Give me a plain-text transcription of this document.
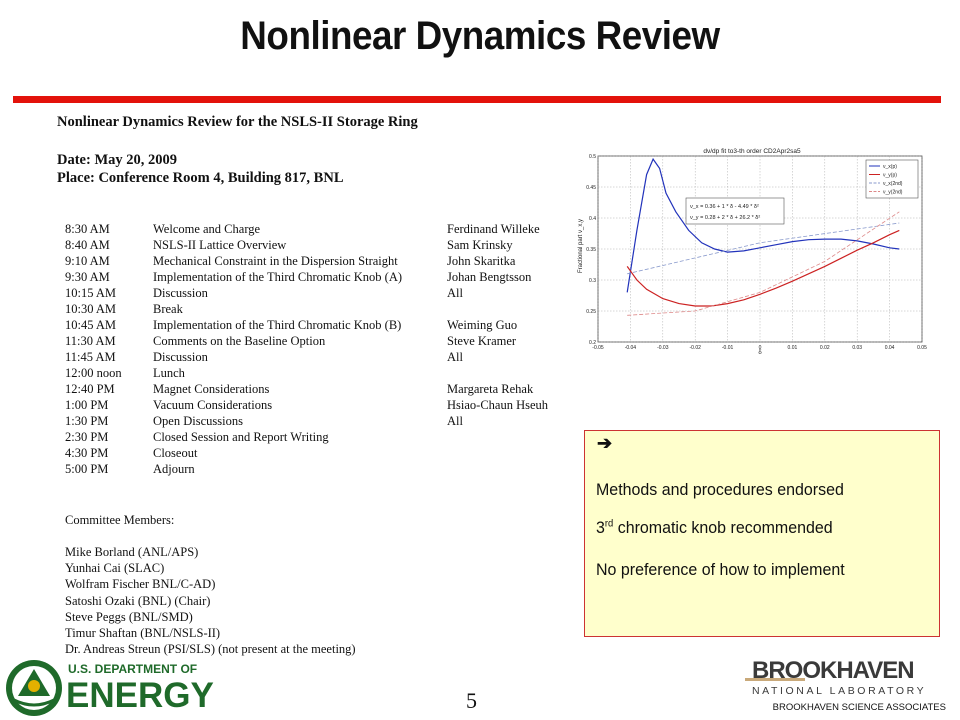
Nonlinear Dynamics Review
Nonlinear Dynamics Review for the NSLS-II Storage Ring
Date: May 20, 2009
Place: Conference Room 4, Building 817, BNL
8:30 AM	Welcome and Charge	Ferdinand Willeke
8:40 AM	NSLS-II Lattice Overview	Sam Krinsky
9:10 AM	Mechanical Constraint in the Dispersion Straight	John Skaritka
9:30 AM	Implementation of the Third Chromatic Knob (A)	Johan Bengtsson
10:15 AM	Discussion	All
10:30 AM	Break
10:45 AM	Implementation of the Third Chromatic Knob (B)	Weiming Guo
11:30 AM	Comments on the Baseline Option	Steve Kramer
11:45 AM	Discussion	All
12:00 noon	Lunch
12:40 PM	Magnet Considerations	Margareta Rehak
1:00 PM	Vacuum Considerations	Hsiao-Chaun Hseuh
1:30 PM	Open Discussions	All
2:30 PM	Closed Session and Report Writing
4:30 PM	Closeout
5:00 PM	Adjourn
Committee Members:
Mike Borland (ANL/APS)
Yunhai Cai (SLAC)
Wolfram Fischer BNL/C-AD)
Satoshi Ozaki (BNL) (Chair)
Steve Peggs (BNL/SMD)
Timur Shaftan (BNL/NSLS-II)
Dr. Andreas Streun (PSI/SLS) (not present at the meeting)
dν/dp fit to3-th order CD2Apr2sa5
Fractional part ν_x,y
δ
-0.05	-0.04	-0.03	-0.02	-0.01	0	0.01	0.02	0.03	0.04	0.05
0.2
0.25
0.3
0.35
0.4
0.45
0.5
ν_x = 0.36 + 1 * δ - 4.49 * δ²
ν_y = 0.28 + 2 * δ + 26.2 * δ²
ν_x(p)
ν_y(p)
ν_x(2nd)
ν_y(2nd)
➔
Methods and procedures endorsed
3rd chromatic knob recommended
No preference of how to implement
U.S. DEPARTMENT OF
ENERGY	5
BROOKHAVEN
NATIONAL LABORATORY
BROOKHAVEN SCIENCE ASSOCIATES
